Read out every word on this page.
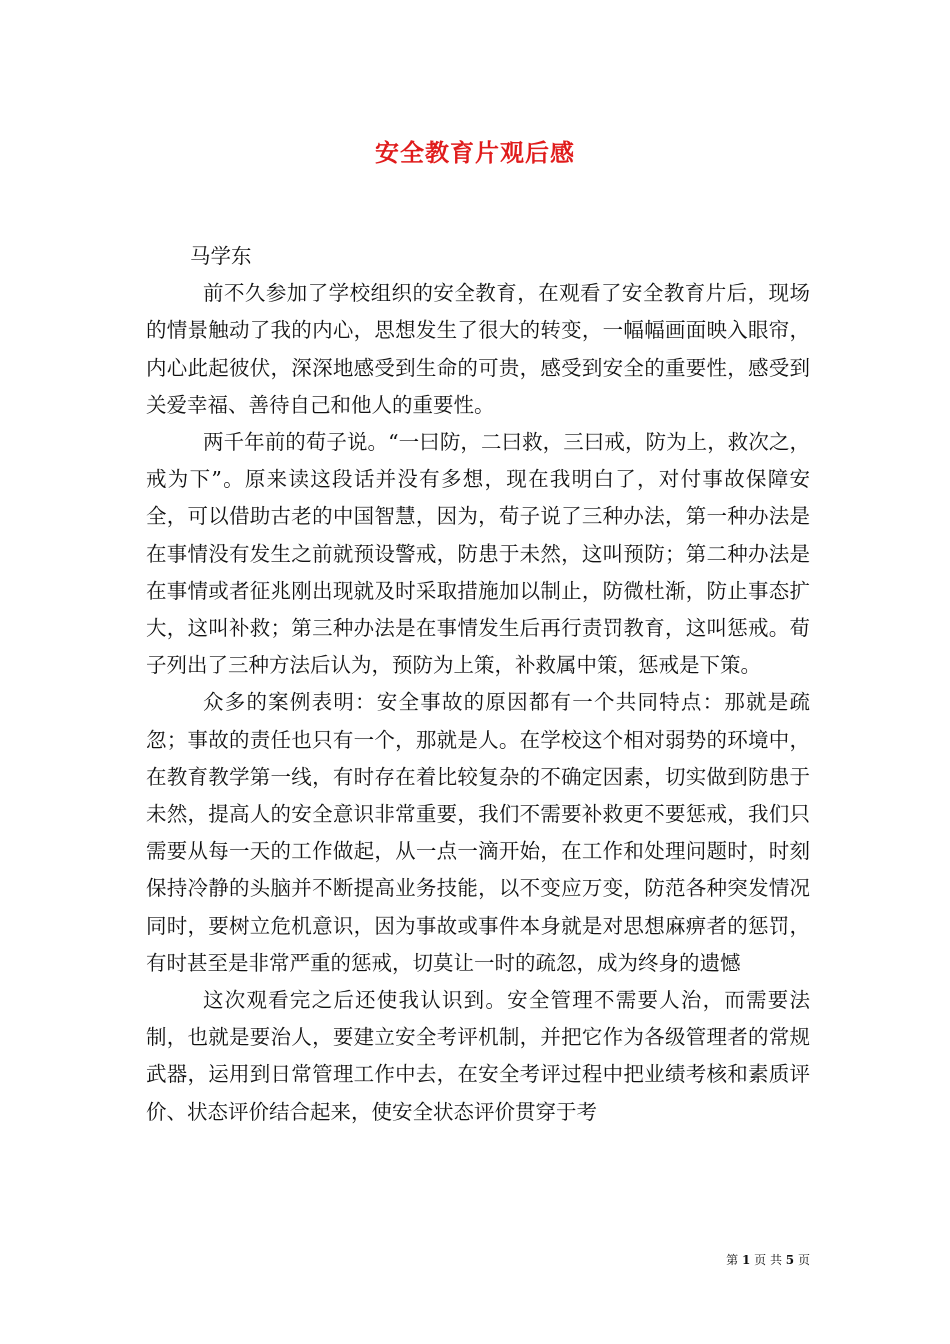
安全教育片观后感

马学东

前不久参加了学校组织的安全教育，在观看了安全教育片后，现场的情景触动了我的内心，思想发生了很大的转变，一幅幅画面映入眼帘，内心此起彼伏，深深地感受到生命的可贵，感受到安全的重要性，感受到关爱幸福、善待自己和他人的重要性。

两千年前的荀子说。“一曰防，二曰救，三曰戒，防为上，救次之，戒为下”。原来读这段话并没有多想，现在我明白了，对付事故保障安全，可以借助古老的中国智慧，因为，荀子说了三种办法，第一种办法是在事情没有发生之前就预设警戒，防患于未然，这叫预防；第二种办法是在事情或者征兆刚出现就及时采取措施加以制止，防微杜渐，防止事态扩大，这叫补救；第三种办法是在事情发生后再行责罚教育，这叫惩戒。荀子列出了三种方法后认为，预防为上策，补救属中策，惩戒是下策。

众多的案例表明：安全事故的原因都有一个共同特点：那就是疏忽；事故的责任也只有一个，那就是人。在学校这个相对弱势的环境中，在教育教学第一线，有时存在着比较复杂的不确定因素，切实做到防患于未然，提高人的安全意识非常重要，我们不需要补救更不要惩戒，我们只需要从每一天的工作做起，从一点一滴开始，在工作和处理问题时，时刻保持冷静的头脑并不断提高业务技能，以不变应万变，防范各种突发情况同时，要树立危机意识，因为事故或事件本身就是对思想麻痹者的惩罚，有时甚至是非常严重的惩戒，切莫让一时的疏忽，成为终身的遗憾

这次观看完之后还使我认识到。安全管理不需要人治，而需要法制，也就是要治人，要建立安全考评机制，并把它作为各级管理者的常规武器，运用到日常管理工作中去，在安全考评过程中把业绩考核和素质评价、状态评价结合起来，使安全状态评价贯穿于考

第 1 页 共 5 页
